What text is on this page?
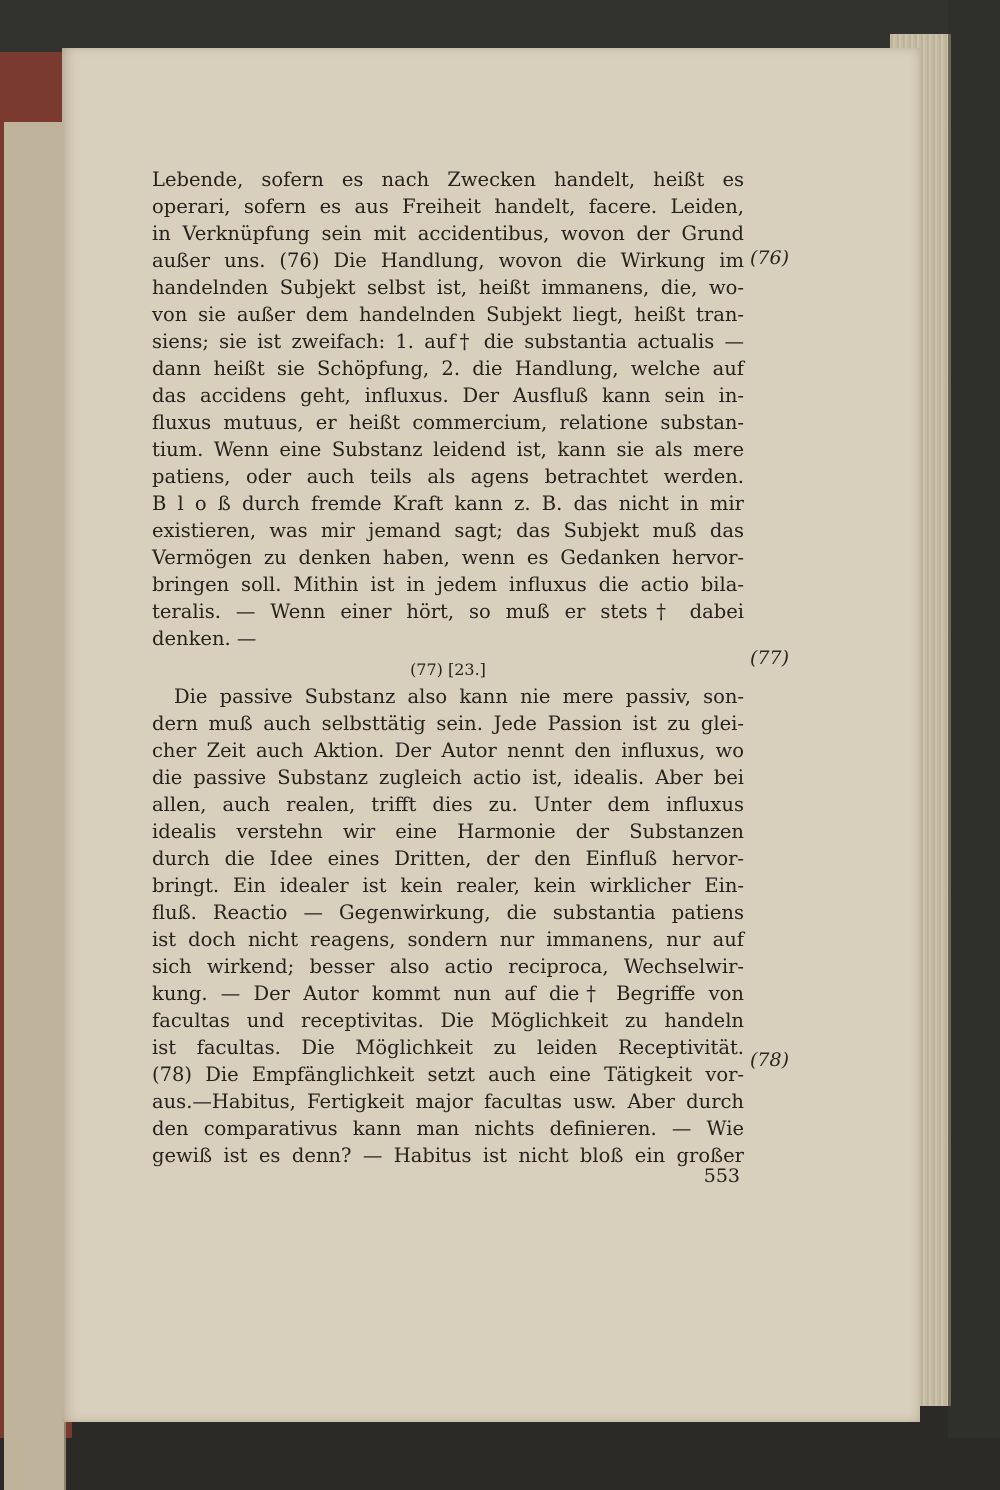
Lebende, sofern es nach Zwecken handelt, heißt es
operari, sofern es aus Freiheit handelt, facere. Leiden,
in Verknüpfung sein mit accidentibus, wovon der Grund
außer uns. (76) Die Handlung, wovon die Wirkung im
handelnden Subjekt selbst ist, heißt immanens, die, wo-
von sie außer dem handelnden Subjekt liegt, heißt tran-
siens; sie ist zweifach: 1. auf† die substantia actualis —
dann heißt sie Schöpfung, 2. die Handlung, welche auf
das accidens geht, influxus. Der Ausfluß kann sein in-
fluxus mutuus, er heißt commercium, relatione substan-
tium. Wenn eine Substanz leidend ist, kann sie als mere
patiens, oder auch teils als agens betrachtet werden.
B l o ß durch fremde Kraft kann z. B. das nicht in mir
existieren, was mir jemand sagt; das Subjekt muß das
Vermögen zu denken haben, wenn es Gedanken hervor-
bringen soll. Mithin ist in jedem influxus die actio bila-
teralis. — Wenn einer hört, so muß er stets† dabei
denken. —
(77) [23.]
Die passive Substanz also kann nie mere passiv, son-
dern muß auch selbsttätig sein. Jede Passion ist zu glei-
cher Zeit auch Aktion. Der Autor nennt den influxus, wo
die passive Substanz zugleich actio ist, idealis. Aber bei
allen, auch realen, trifft dies zu. Unter dem influxus
idealis verstehn wir eine Harmonie der Substanzen
durch die Idee eines Dritten, der den Einfluß hervor-
bringt. Ein idealer ist kein realer, kein wirklicher Ein-
fluß. Reactio — Gegenwirkung, die substantia patiens
ist doch nicht reagens, sondern nur immanens, nur auf
sich wirkend; besser also actio reciproca, Wechselwir-
kung. — Der Autor kommt nun auf die† Begriffe von
facultas und receptivitas. Die Möglichkeit zu handeln
ist facultas. Die Möglichkeit zu leiden Receptivität.
(78) Die Empfänglichkeit setzt auch eine Tätigkeit vor-
aus.—Habitus, Fertigkeit major facultas usw. Aber durch
den comparativus kann man nichts definieren. — Wie
gewiß ist es denn? — Habitus ist nicht bloß ein großer
(76)
(77)
(78)
553
